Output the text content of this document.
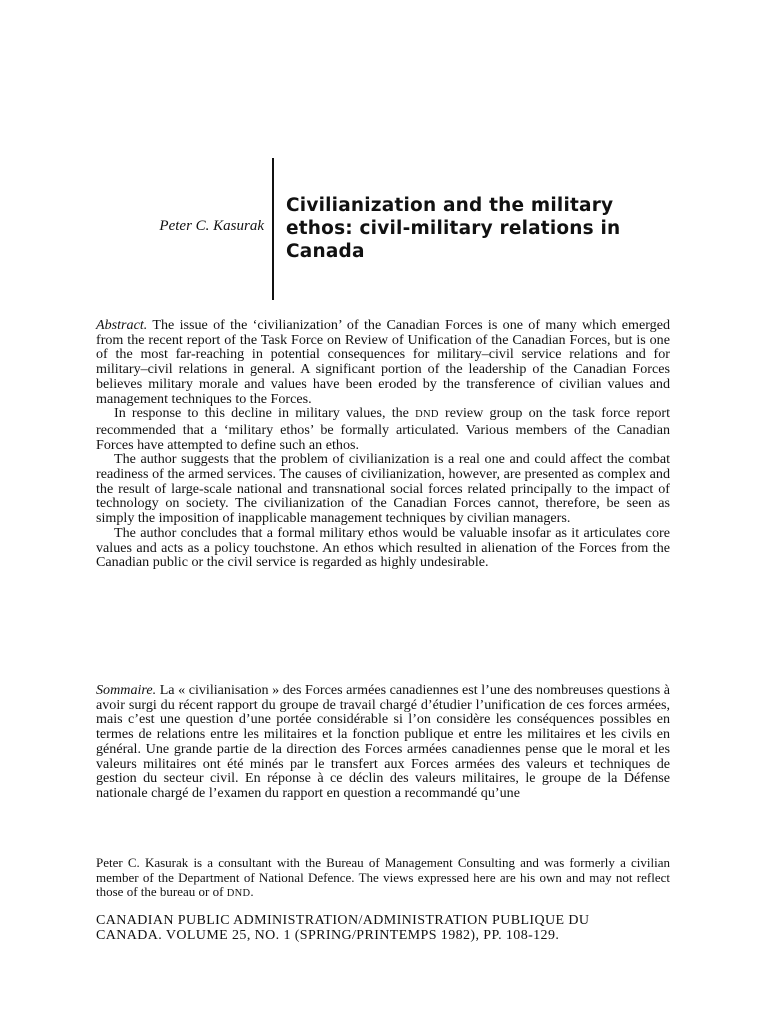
Peter C. Kasurak
Civilianization and the military ethos: civil-military relations in Canada

Abstract. The issue of the ‘civilianization’ of the Canadian Forces is one of many which emerged from the recent report of the Task Force on Review of Unification of the Canadian Forces, but is one of the most far-reaching in potential consequences for military–civil service relations and for military–civil relations in general. A significant portion of the leadership of the Canadian Forces believes military morale and values have been eroded by the transference of civilian values and management techniques to the Forces.

In response to this decline in military values, the DND review group on the task force report recommended that a ‘military ethos’ be formally articulated. Various members of the Canadian Forces have attempted to define such an ethos.

The author suggests that the problem of civilianization is a real one and could affect the combat readiness of the armed services. The causes of civilianization, however, are presented as complex and the result of large-scale national and transnational social forces related principally to the impact of technology on society. The civilianization of the Canadian Forces cannot, therefore, be seen as simply the imposition of inapplicable management techniques by civilian managers.

The author concludes that a formal military ethos would be valuable insofar as it articulates core values and acts as a policy touchstone. An ethos which resulted in alienation of the Forces from the Canadian public or the civil service is regarded as highly undesirable.

Sommaire. La « civilianisation » des Forces armées canadiennes est l’une des nombreuses questions à avoir surgi du récent rapport du groupe de travail chargé d’étudier l’unification de ces forces armées, mais c’est une question d’une portée considérable si l’on considère les conséquences possibles en termes de relations entre les militaires et la fonction publique et entre les militaires et les civils en général. Une grande partie de la direction des Forces armées canadiennes pense que le moral et les valeurs militaires ont été minés par le transfert aux Forces armées des valeurs et techniques de gestion du secteur civil. En réponse à ce déclin des valeurs militaires, le groupe de la Défense nationale chargé de l’examen du rapport en question a recommandé qu’une

Peter C. Kasurak is a consultant with the Bureau of Management Consulting and was formerly a civilian member of the Department of National Defence. The views expressed here are his own and may not reflect those of the bureau or of DND.

CANADIAN PUBLIC ADMINISTRATION/ADMINISTRATION PUBLIQUE DU
CANADA. VOLUME 25, NO. 1 (SPRING/PRINTEMPS 1982), PP. 108-129.
